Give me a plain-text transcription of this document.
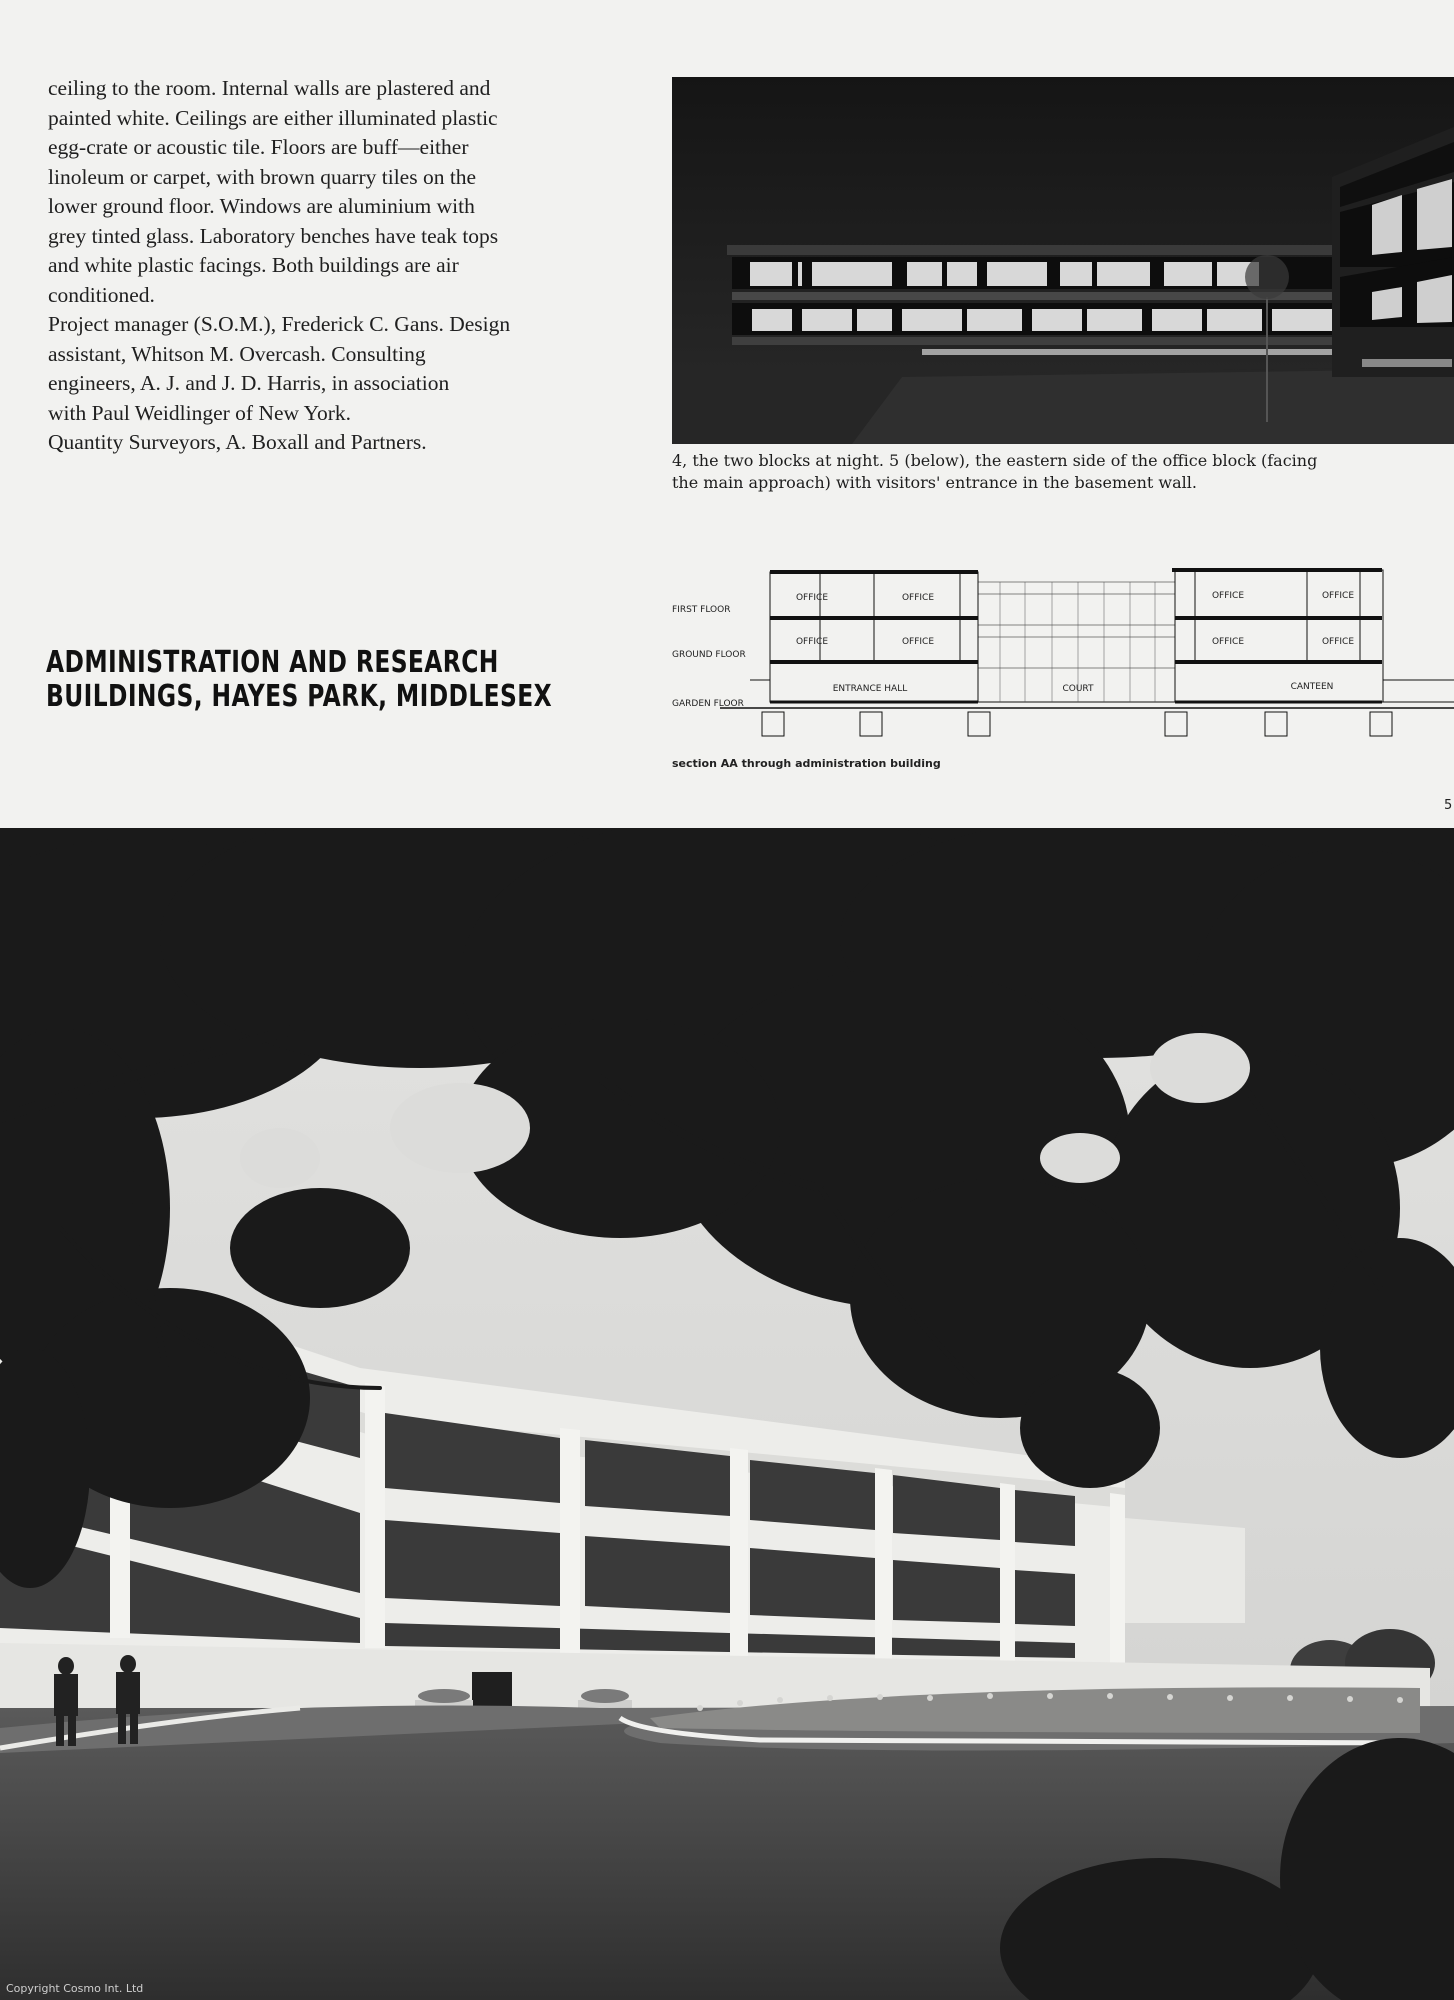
ceiling to the room. Internal walls are plastered and

painted white. Ceilings are either illuminated plastic

egg-crate or acoustic tile. Floors are buff—either

linoleum or carpet, with brown quarry tiles on the

lower ground floor. Windows are aluminium with

grey tinted glass. Laboratory benches have teak tops

and white plastic facings. Both buildings are air

conditioned.

Project manager (S.O.M.), Frederick C. Gans. Design

assistant, Whitson M. Overcash. Consulting

engineers, A. J. and J. D. Harris, in association

with Paul Weidlinger of New York.

Quantity Surveyors, A. Boxall and Partners.

ADMINISTRATION AND RESEARCH
BUILDINGS, HAYES PARK, MIDDLESEX
4, the two blocks at night. 5 (below), the eastern side of the office block (facing
the main approach) with visitors' entrance in the basement wall.
FIRST FLOOR
GROUND FLOOR
GARDEN FLOOR
OFFICE	OFFICE	OFFICE	OFFICE
OFFICE	OFFICE	OFFICE	OFFICE
ENTRANCE HALL	COURT	CANTEEN
section AA through administration building
5
Copyright Cosmo Int. Ltd
